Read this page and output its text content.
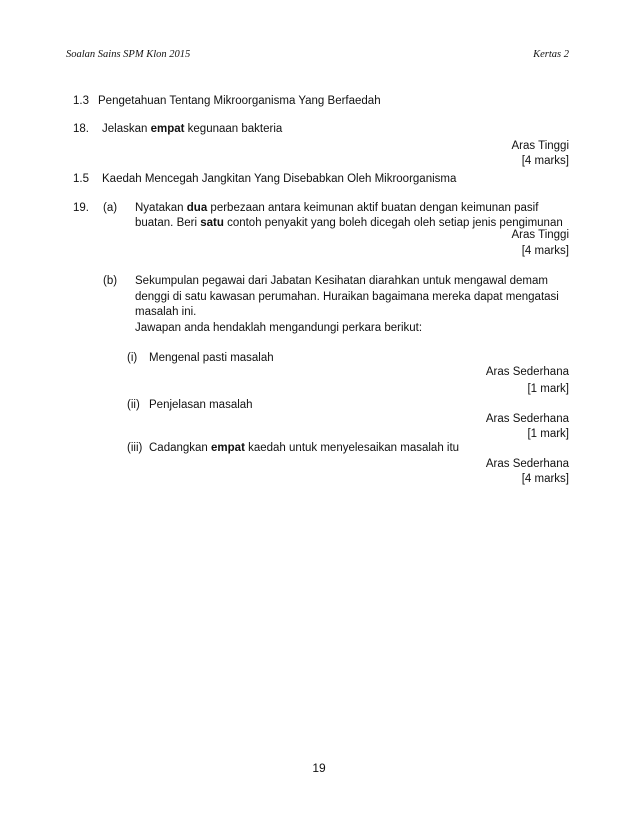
Soalan Sains SPM Klon 2015	Kertas 2
1.3 Pengetahuan Tentang Mikroorganisma Yang Berfaedah
18. Jelaskan empat kegunaan bakteria
Aras Tinggi
[4 marks]
1.5 Kaedah Mencegah Jangkitan Yang Disebabkan Oleh Mikroorganisma
19. (a) Nyatakan dua perbezaan antara keimunan aktif buatan dengan keimunan pasif
buatan. Beri satu contoh penyakit yang boleh dicegah oleh setiap jenis pengimunan
Aras Tinggi
[4 marks]
(b) Sekumpulan pegawai dari Jabatan Kesihatan diarahkan untuk mengawal demam
denggi di satu kawasan perumahan. Huraikan bagaimana mereka dapat mengatasi
masalah ini.
Jawapan anda hendaklah mengandungi perkara berikut:
(i) Mengenal pasti masalah
Aras Sederhana
[1 mark]
(ii) Penjelasan masalah
Aras Sederhana
[1 mark]
(iii) Cadangkan empat kaedah untuk menyelesaikan masalah itu
Aras Sederhana
[4 marks]
19
